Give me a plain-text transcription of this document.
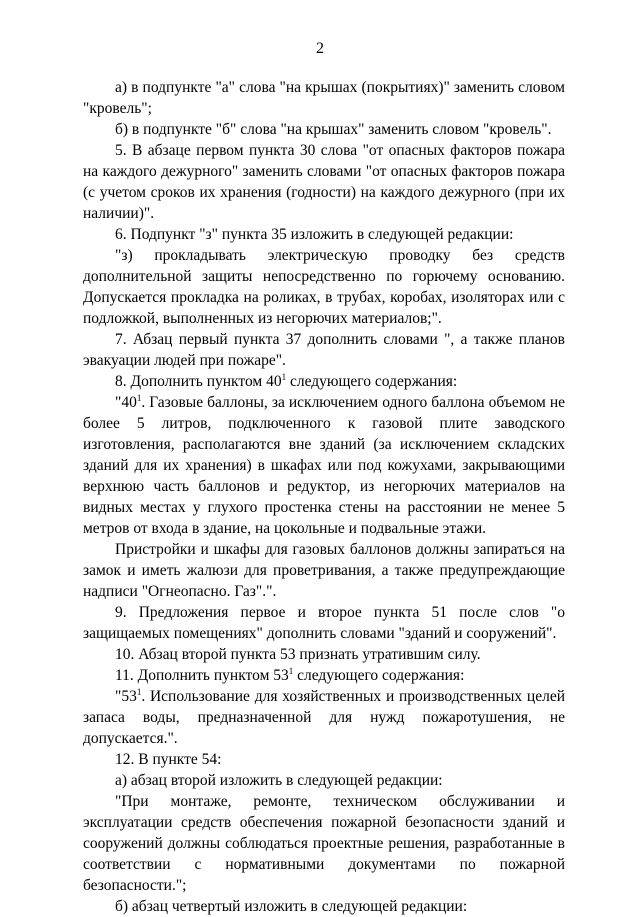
2

а) в подпункте "а" слова "на крышах (покрытиях)" заменить словом "кровель";

б) в подпункте "б" слова "на крышах" заменить словом "кровель".

5. В абзаце первом пункта 30 слова "от опасных факторов пожара на каждого дежурного" заменить словами "от опасных факторов пожара (с учетом сроков их хранения (годности) на каждого дежурного (при их наличии)".

6. Подпункт "з" пункта 35 изложить в следующей редакции:

"з) прокладывать электрическую проводку без средств дополнительной защиты непосредственно по горючему основанию. Допускается прокладка на роликах, в трубах, коробах, изоляторах или с подложкой, выполненных из негорючих материалов;".

7. Абзац первый пункта 37 дополнить словами ", а также планов эвакуации людей при пожаре".

8. Дополнить пунктом $40^1$ следующего содержания:

"$40^1$. Газовые баллоны, за исключением одного баллона объемом не более 5 литров, подключенного к газовой плите заводского изготовления, располагаются вне зданий (за исключением складских зданий для их хранения) в шкафах или под кожухами, закрывающими верхнюю часть баллонов и редуктор, из негорючих материалов на видных местах у глухого простенка стены на расстоянии не менее 5 метров от входа в здание, на цокольные и подвальные этажи.

Пристройки и шкафы для газовых баллонов должны запираться на замок и иметь жалюзи для проветривания, а также предупреждающие надписи "Огнеопасно. Газ".".

9. Предложения первое и второе пункта 51 после слов "о защищаемых помещениях" дополнить словами "зданий и сооружений".

10. Абзац второй пункта 53 признать утратившим силу.

11. Дополнить пунктом $53^1$ следующего содержания:

"$53^1$. Использование для хозяйственных и производственных целей запаса воды, предназначенной для нужд пожаротушения, не допускается.".

12. В пункте 54:

а) абзац второй изложить в следующей редакции:

"При монтаже, ремонте, техническом обслуживании и эксплуатации средств обеспечения пожарной безопасности зданий и сооружений должны соблюдаться проектные решения, разработанные в соответствии с нормативными документами по пожарной безопасности.";

б) абзац четвертый изложить в следующей редакции:
